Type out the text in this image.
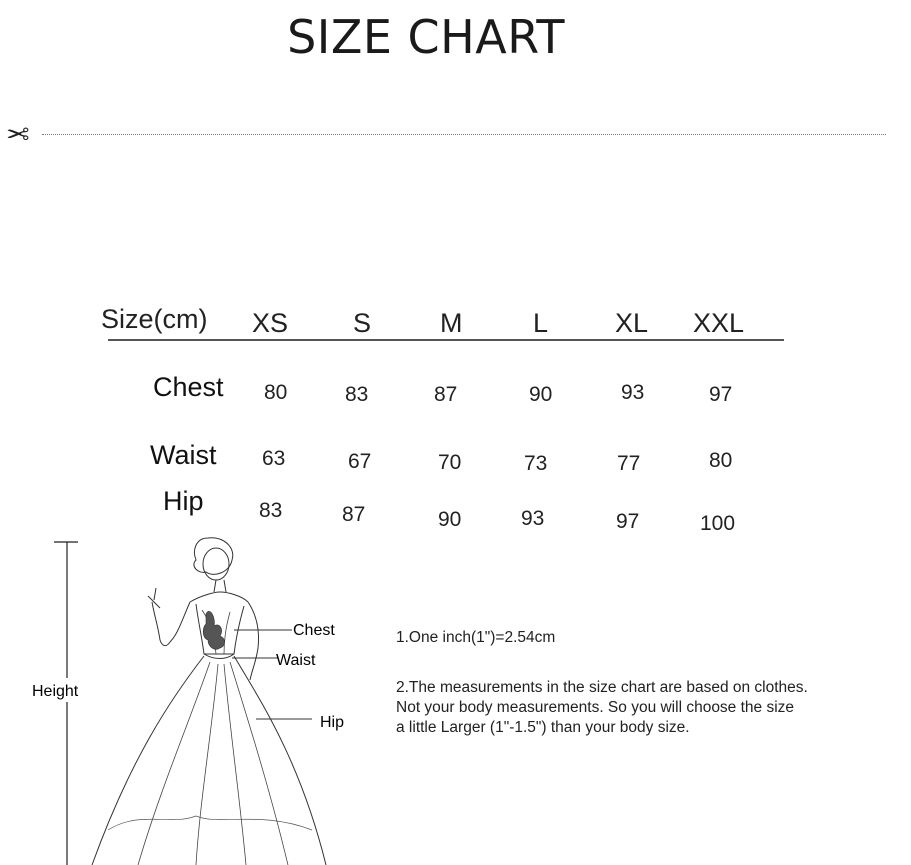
SIZE CHART
✂
Size(cm) XS S	M	L XL XXL
Chest 80	83	87	90	93	97
Waist 63	67	70	73	77	80
Hip	83	87	90	93	97	100
Height
Chest
Waist
Hip

1.One inch(1")=2.54cm

2.The measurements in the size chart are based on clothes.
Not your body measurements. So you will choose the size
a little Larger (1"-1.5") than your body size.
